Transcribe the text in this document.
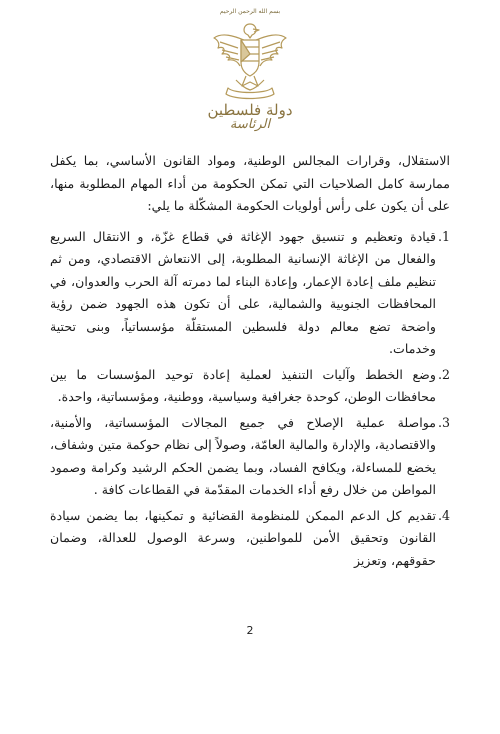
بسم الله الرحمن الرحيم
دولة فلسطين
الرئاسة

الاستقلال، وقرارات المجالس الوطنية، ومواد القانون الأساسي، بما يكفل ممارسة كامل الصلاحيات التي تمكن الحكومة من أداء المهام المطلوبة منها، على أن يكون على رأس أولويات الحكومة المشكّلة ما يلي:

1.
قيادة وتعظيم و تنسيق جهود الإغاثة في قطاع غزّة، و الانتقال السريع والفعال من الإغاثة الإنسانية المطلوبة، إلى الانتعاش الاقتصادي، ومن ثم تنظيم ملف إعادة الإعمار، وإعادة البناء لما دمرته آلة الحرب والعدوان، في المحافظات الجنوبية والشمالية، على أن تكون هذه الجهود ضمن رؤية واضحة تضع معالم دولة فلسطين المستقلّة مؤسساتياً، وبنى تحتية وخدمات.
2.
وضع الخطط وآليات التنفيذ لعملية إعادة توحيد المؤسسات ما بين محافظات الوطن، كوحدة جغرافية وسياسية، ووطنية، ومؤسساتية، واحدة.
3.
مواصلة عملية الإصلاح في جميع المجالات المؤسساتية، والأمنية، والاقتصادية، والإدارة والمالية العامّة، وصولاً إلى نظام حوكمة متين وشفاف، يخضع للمساءلة، ويكافح الفساد، وبما يضمن الحكم الرشيد وكرامة وصمود المواطن من خلال رفع أداء الخدمات المقدّمة في القطاعات كافة .
4.
تقديم كل الدعم الممكن للمنظومة القضائية و تمكينها، بما يضمن سيادة القانون وتحقيق الأمن للمواطنين، وسرعة الوصول للعدالة، وضمان حقوقهم، وتعزيز
2
